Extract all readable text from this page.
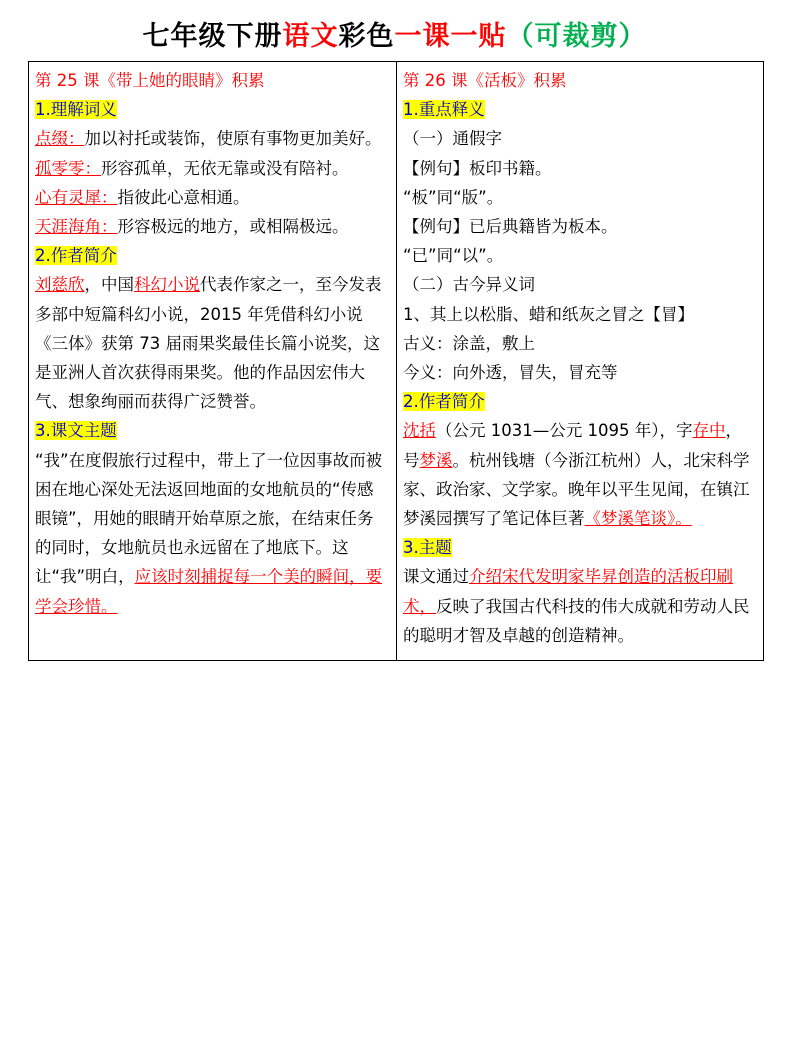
七年级下册语文彩色一课一贴（可裁剪）
第 25 课《带上她的眼睛》积累
1.理解词义
点缀：加以衬托或装饰，使原有事物更加美好。
孤零零：形容孤单，无依无靠或没有陪衬。
心有灵犀：指彼此心意相通。
天涯海角：形容极远的地方，或相隔极远。
2.作者简介
刘慈欣，中国科幻小说代表作家之一，至今发表多部中短篇科幻小说，2015 年凭借科幻小说《三体》获第 73 届雨果奖最佳长篇小说奖，这是亚洲人首次获得雨果奖。他的作品因宏伟大气、想象绚丽而获得广泛赞誉。
3.课文主题
“我”在度假旅行过程中，带上了一位因事故而被困在地心深处无法返回地面的女地航员的“传感眼镜”，用她的眼睛开始草原之旅，在结束任务的同时，女地航员也永远留在了地底下。这让“我”明白，应该时刻捕捉每一个美的瞬间，要学会珍惜。

第 26 课《活板》积累
1.重点释义
（一）通假字
【例句】板印书籍。
“板”同“版”。
【例句】已后典籍皆为板本。
“已”同“以”。
（二）古今异义词
1、其上以松脂、蜡和纸灰之冒之【冒】
古义：涂盖，敷上
今义：向外透，冒失，冒充等
2.作者简介
沈括（公元 1031—公元 1095 年），字存中，号梦溪。杭州钱塘（今浙江杭州）人，北宋科学家、政治家、文学家。晚年以平生见闻，在镇江梦溪园撰写了笔记体巨著《梦溪笔谈》。
3.主题
课文通过介绍宋代发明家毕昇创造的活板印刷术，反映了我国古代科技的伟大成就和劳动人民的聪明才智及卓越的创造精神。
